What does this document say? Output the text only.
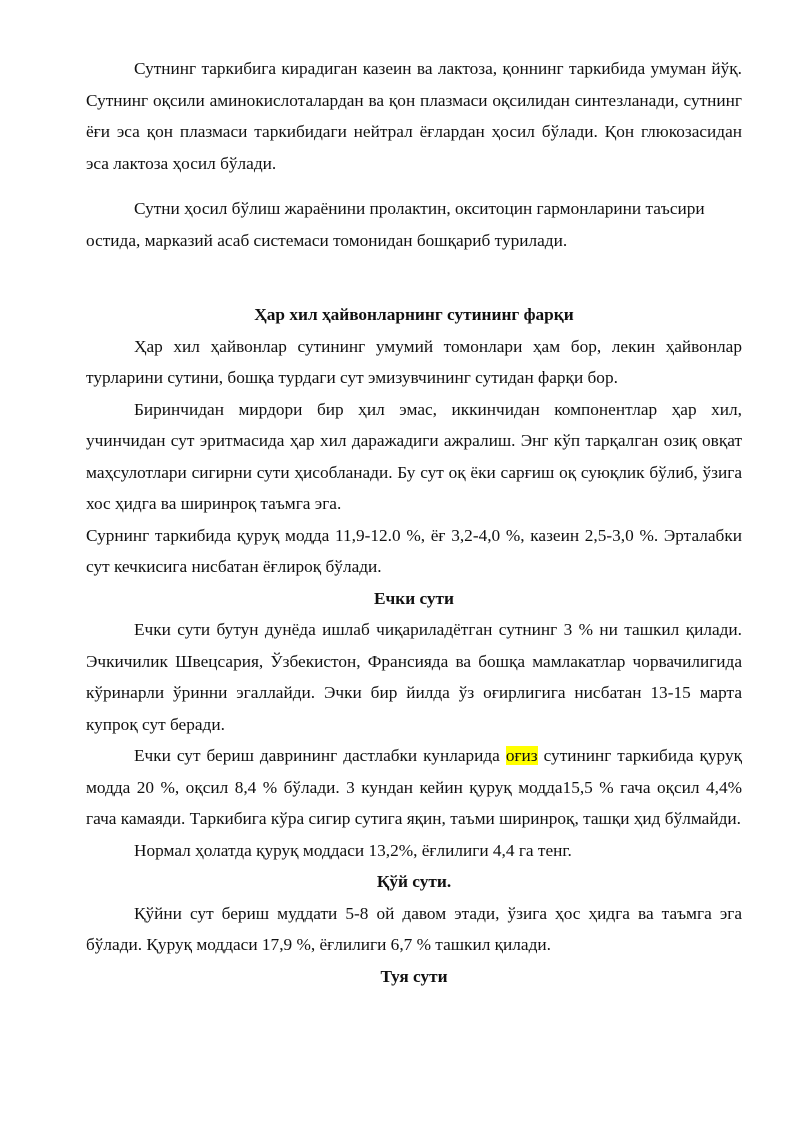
Сутнинг таркибига кирадиган казеин ва лактоза, қоннинг таркибида умуман йўқ. Сутнинг оқсили аминокислоталардан ва қон плазмаси оқсилидан синтезланади, сутнинг ёғи эса қон плазмаси таркибидаги нейтрал ёғлардан ҳосил бўлади. Қон глюкозасидан эса лактоза ҳосил бўлади.

Сутни ҳосил бўлиш жараёнини пролактин, окситоцин гармонларини таъсири остида, марказий асаб системаси томонидан бошқариб турилади.

Ҳар хил ҳайвонларнинг сутининг фарқи

Ҳар хил ҳайвонлар сутининг умумий томонлари ҳам бор, лекин ҳайвонлар турларини сутини, бошқа турдаги сут эмизувчининг сутидан фарқи бор.

Биринчидан мирдори бир ҳил эмас, иккинчидан компонентлар ҳар хил, учинчидан сут эритмасида ҳар хил даражадиги ажралиш. Энг кўп тарқалган озиқ овқат маҳсулотлари сигирни сути ҳисобланади. Бу сут оқ ёки сарғиш оқ суюқлик бўлиб, ўзига хос ҳидга ва ширинроқ таъмга эга.

Сурнинг таркибида қуруқ модда 11,9-12.0 %, ёғ 3,2-4,0 %, казеин 2,5-3,0 %. Эрталабки сут кечкисига нисбатан ёғлироқ бўлади.

Ечки сути

Ечки сути бутун дунёда ишлаб чиқариладётган сутнинг 3 % ни ташкил қилади. Эчкичилик Швецсария, Ўзбекистон, Франсияда ва бошқа мамлакатлар чорвачилигида кўринарли ўринни эгаллайди. Эчки бир йилда ўз оғирлигига нисбатан 13-15 марта купроқ сут беради.

Ечки сут бериш даврининг дастлабки кунларида оғиз сутининг таркибида қуруқ модда 20 %, оқсил 8,4 % бўлади. 3 кундан кейин қуруқ модда15,5 % гача оқсил 4,4% гача камаяди. Таркибига кўра сигир сутига яқин, таъми ширинроқ, ташқи ҳид бўлмайди.

Нормал ҳолатда қуруқ моддаси 13,2%, ёғлилиги 4,4 га тенг.

Қўй сути.

Қўйни сут бериш муддати 5-8 ой давом этади, ўзига ҳос ҳидга ва таъмга эга бўлади. Қуруқ моддаси 17,9 %, ёғлилиги 6,7 % ташкил қилади.

Туя сути
